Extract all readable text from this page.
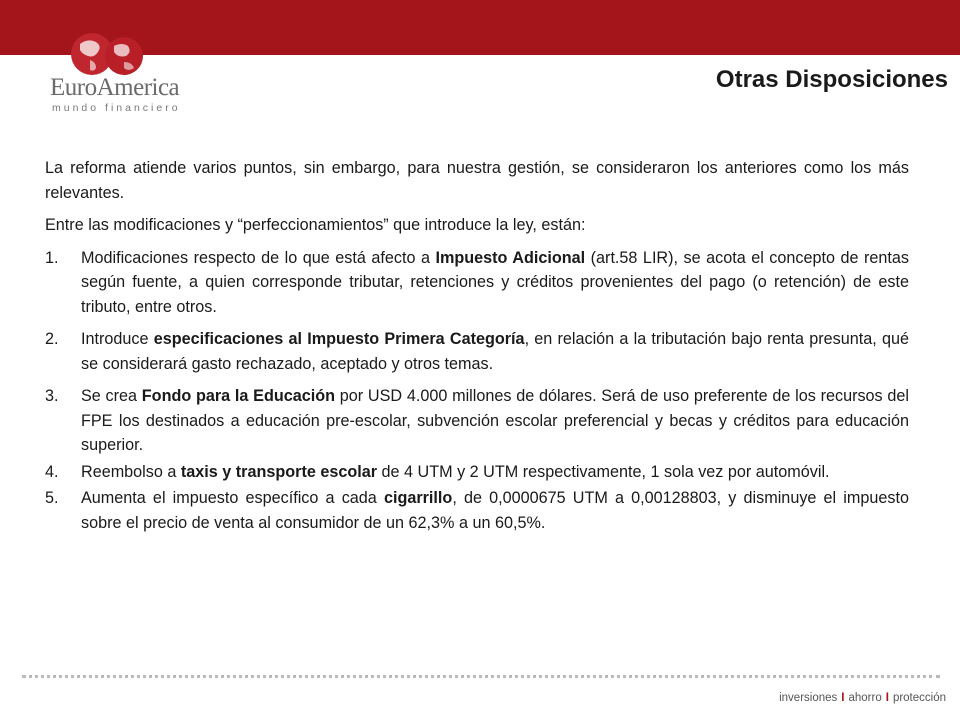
EuroAmerica
mundo financiero
Otras Disposiciones

La reforma atiende varios puntos, sin embargo, para nuestra gestión, se consideraron los anteriores como los más relevantes.

Entre las modificaciones y “perfeccionamientos” que introduce la ley, están:

1.	Modificaciones respecto de lo que está afecto a Impuesto Adicional (art.58 LIR), se acota el concepto de rentas según fuente, a quien corresponde tributar, retenciones y créditos provenientes del pago (o retención) de este tributo, entre otros.
2.	Introduce especificaciones al Impuesto Primera Categoría, en relación a la tributación bajo renta presunta, qué se considerará gasto rechazado, aceptado y otros temas.
3.	Se crea Fondo para la Educación por USD 4.000 millones de dólares. Será de uso preferente de los recursos del FPE los destinados a educación pre-escolar, subvención escolar preferencial y becas y créditos para educación superior.
4.	Reembolso a taxis y transporte escolar de 4 UTM y 2 UTM respectivamente, 1 sola vez por automóvil.
5.	Aumenta el impuesto específico a cada cigarrillo, de 0,0000675 UTM a 0,00128803, y disminuye el impuesto sobre el precio de venta al consumidor de un 62,3% a un 60,5%.
inversiones I ahorro I protección
